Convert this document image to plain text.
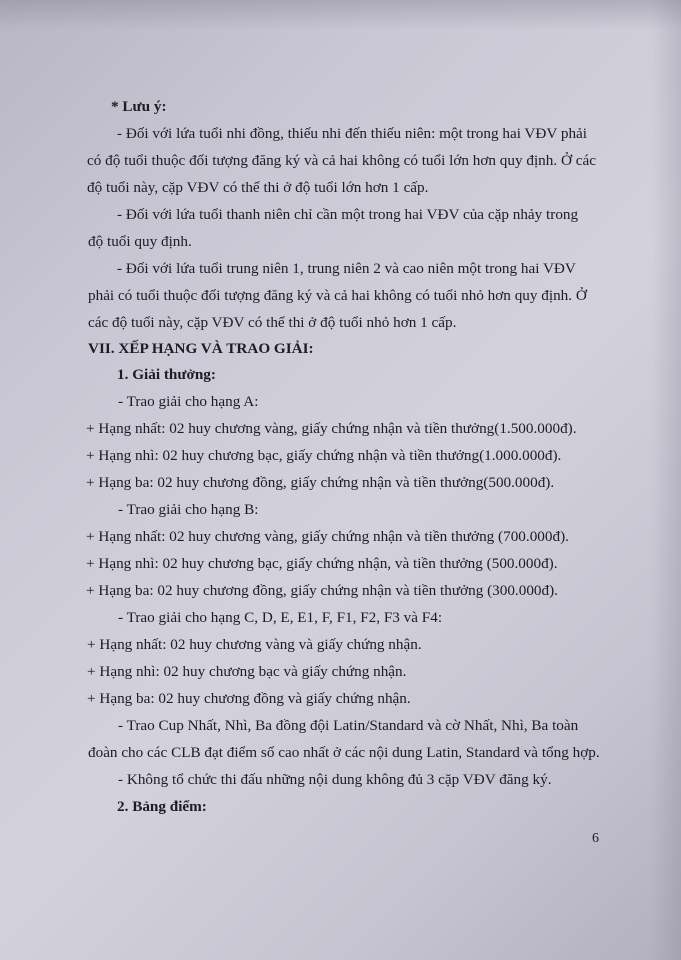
* Lưu ý:
- Đối với lứa tuổi nhi đồng, thiếu nhi đến thiếu niên: một trong hai VĐV phải
có độ tuổi thuộc đối tượng đăng ký và cả hai không có tuổi lớn hơn quy định. Ở các
độ tuổi này, cặp VĐV có thể thi ở độ tuổi lớn hơn 1 cấp.
- Đối với lứa tuổi thanh niên chỉ cần một trong hai VĐV của cặp nhảy trong
độ tuổi quy định.
- Đối với lứa tuổi trung niên 1, trung niên 2 và cao niên một trong hai VĐV
phải có tuổi thuộc đối tượng đăng ký và cả hai không có tuổi nhỏ hơn quy định. Ở
các độ tuổi này, cặp VĐV có thể thi ở độ tuổi nhỏ hơn 1 cấp.
VII. XẾP HẠNG VÀ TRAO GIẢI:
1. Giải thưởng:
- Trao giải cho hạng A:
+ Hạng nhất: 02 huy chương vàng, giấy chứng nhận và tiền thưởng(1.500.000đ).
+ Hạng nhì: 02 huy chương bạc, giấy chứng nhận và tiền thưởng(1.000.000đ).
+ Hạng ba: 02 huy chương đồng, giấy chứng nhận và tiền thưởng(500.000đ).
- Trao giải cho hạng B:
+ Hạng nhất: 02 huy chương vàng, giấy chứng nhận và tiền thưởng (700.000đ).
+ Hạng nhì: 02 huy chương bạc, giấy chứng nhận, và tiền thưởng (500.000đ).
+ Hạng ba: 02 huy chương đồng, giấy chứng nhận và tiền thưởng (300.000đ).
- Trao giải cho hạng C, D, E, E1, F, F1, F2, F3 và F4:
+ Hạng nhất: 02 huy chương vàng và giấy chứng nhận.
+ Hạng nhì: 02 huy chương bạc và giấy chứng nhận.
+ Hạng ba: 02 huy chương đồng và giấy chứng nhận.
- Trao Cup Nhất, Nhì, Ba đồng đội Latin/Standard và cờ Nhất, Nhì, Ba toàn
đoàn cho các CLB đạt điểm số cao nhất ở các nội dung Latin, Standard và tổng hợp.
- Không tổ chức thi đấu những nội dung không đủ 3 cặp VĐV đăng ký.
2. Bảng điểm:
6
